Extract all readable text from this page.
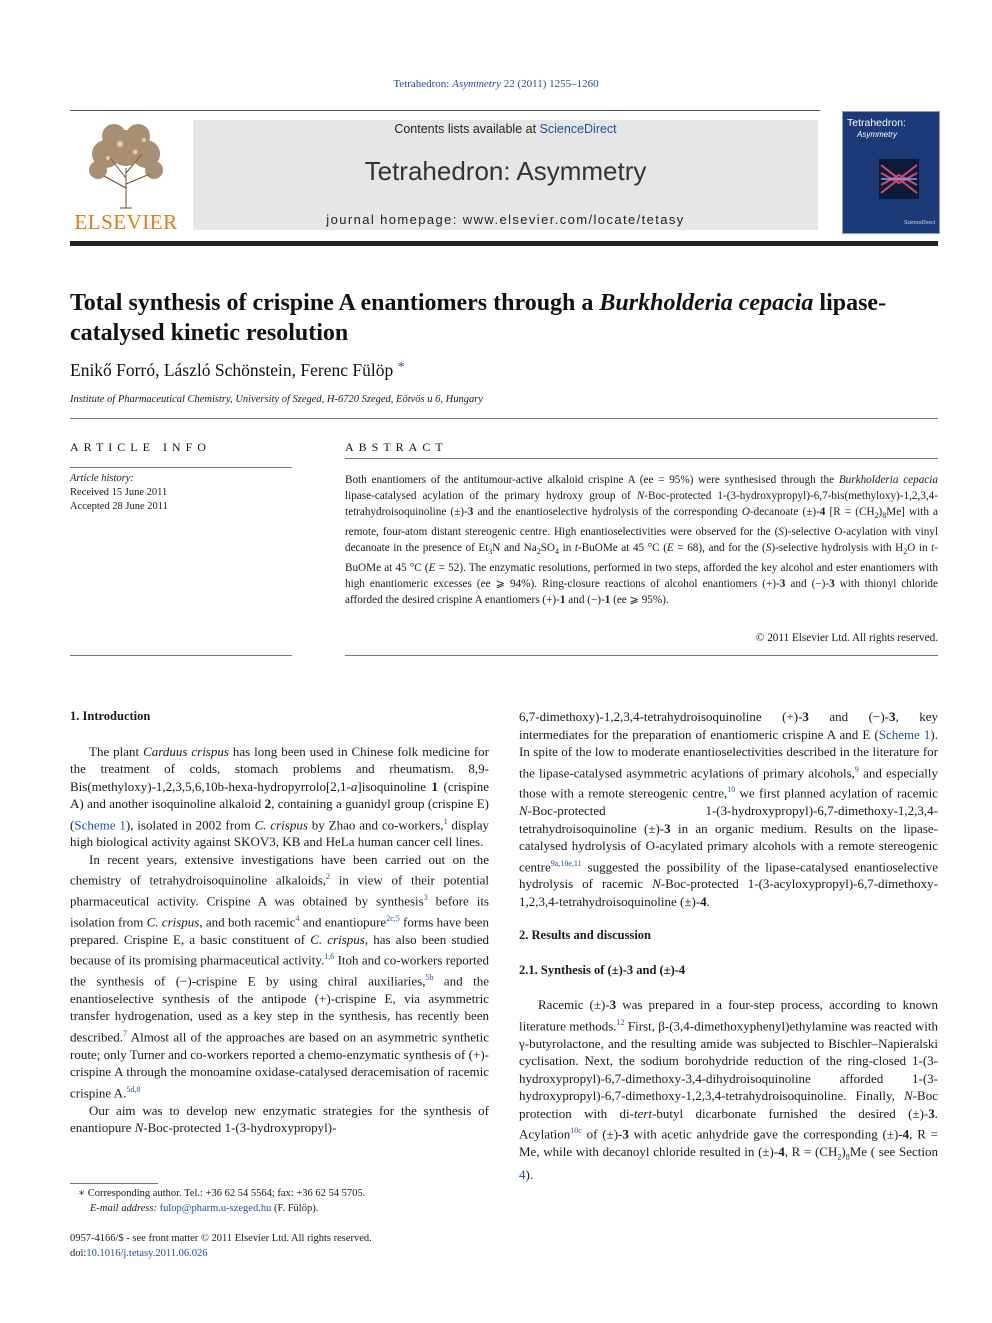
Tetrahedron: Asymmetry 22 (2011) 1255–1260
ELSEVIER
Contents lists available at ScienceDirect
Tetrahedron: Asymmetry
journal homepage: www.elsevier.com/locate/tetasy
Tetrahedron:
Asymmetry
ScienceDirect
Total synthesis of crispine A enantiomers through a Burkholderia cepacia lipase-catalysed kinetic resolution
Enikő Forró, László Schönstein, Ferenc Fülöp *
Institute of Pharmaceutical Chemistry, University of Szeged, H-6720 Szeged, Eötvös u 6, Hungary
ARTICLE INFO	ABSTRACT
Article history:
Received 15 June 2011
Accepted 28 June 2011
Both enantiomers of the antitumour-active alkaloid crispine A (ee = 95%) were synthesised through the Burkholderia cepacia lipase-catalysed acylation of the primary hydroxy group of N-Boc-protected 1-(3-hydroxypropyl)-6,7-bis(methyloxy)-1,2,3,4-tetrahydroisoquinoline (±)-3 and the enantioselective hydrolysis of the corresponding O-decanoate (±)-4 $[R = (CH_2)_8Me]$ with a remote, four-atom distant stereogenic centre. High enantioselectivities were observed for the (S)-selective O-acylation with vinyl decanoate in the presence of $Et_3N$ and $Na_2SO_4$ in t-BuOMe at 45 °C (E = 68), and for the (S)-selective hydrolysis with $H_2O$ in t-BuOMe at 45 °C (E = 52). The enzymatic resolutions, performed in two steps, afforded the key alcohol and ester enantiomers with high enantiomeric excesses (ee ⩾ 94%). Ring-closure reactions of alcohol enantiomers (+)-3 and (−)-3 with thionyl chloride afforded the desired crispine A enantiomers (+)-1 and (−)-1 (ee ⩾ 95%).
© 2011 Elsevier Ltd. All rights reserved.
1. Introduction

The plant Carduus crispus has long been used in Chinese folk medicine for the treatment of colds, stomach problems and rheumatism. 8,9-Bis(methyloxy)-1,2,3,5,6,10b-hexa-hydropyrrolo[2,1-a]isoquinoline 1 (crispine A) and another isoquinoline alkaloid 2, containing a guanidyl group (crispine E) (Scheme 1), isolated in 2002 from C. crispus by Zhao and co-workers,$^1$ display high biological activity against SKOV3, KB and HeLa human cancer cell lines.

In recent years, extensive investigations have been carried out on the chemistry of tetrahydroisoquinoline alkaloids,$^2$ in view of their potential pharmaceutical activity. Crispine A was obtained by synthesis$^3$ before its isolation from C. crispus, and both racemic$^4$ and enantiopure$^{2c,5}$ forms have been prepared. Crispine E, a basic constituent of C. crispus, has also been studied because of its promising pharmaceutical activity.$^{1,6}$ Itoh and co-workers reported the synthesis of (−)-crispine E by using chiral auxiliaries,$^{5b}$ and the enantioselective synthesis of the antipode (+)-crispine E, via asymmetric transfer hydrogenation, used as a key step in the synthesis, has recently been described.$^7$ Almost all of the approaches are based on an asymmetric synthetic route; only Turner and co-workers reported a chemo-enzymatic synthesis of (+)-crispine A through the monoamine oxidase-catalysed deracemisation of racemic crispine A.$^{5d,8}$

Our aim was to develop new enzymatic strategies for the synthesis of enantiopure N-Boc-protected 1-(3-hydroxypropyl)-

6,7-dimethoxy)-1,2,3,4-tetrahydroisoquinoline (+)-3 and (−)-3, key intermediates for the preparation of enantiomeric crispine A and E (Scheme 1). In spite of the low to moderate enantioselectivities described in the literature for the lipase-catalysed asymmetric acylations of primary alcohols,$^9$ and especially those with a remote stereogenic centre,$^{10}$ we first planned acylation of racemic N-Boc-protected 1-(3-hydroxypropyl)-6,7-dimethoxy-1,2,3,4-tetrahydroisoquinoline (±)-3 in an organic medium. Results on the lipase-catalysed hydrolysis of O-acylated primary alcohols with a remote stereogenic centre$^{9a,10e,11}$ suggested the possibility of the lipase-catalysed enantioselective hydrolysis of racemic N-Boc-protected 1-(3-acyloxypropyl)-6,7-dimethoxy-1,2,3,4-tetrahydroisoquinoline (±)-4.

2. Results and discussion
2.1. Synthesis of (±)-3 and (±)-4

Racemic (±)-3 was prepared in a four-step process, according to known literature methods.$^{12}$ First, β-(3,4-dimethoxyphenyl)ethylamine was reacted with γ-butyrolactone, and the resulting amide was subjected to Bischler–Napieralski cyclisation. Next, the sodium borohydride reduction of the ring-closed 1-(3-hydroxypropyl)-6,7-dimethoxy-3,4-dihydroisoquinoline afforded 1-(3-hydroxypropyl)-6,7-dimethoxy-1,2,3,4-tetrahydroisoquinoline. Finally, N-Boc protection with di-tert-butyl dicarbonate furnished the desired (±)-3. Acylation$^{10c}$ of (±)-3 with acetic anhydride gave the corresponding (±)-4, R = Me, while with decanoyl chloride resulted in (±)-4, $R = (CH_2)_8Me$ ( see Section 4).

∗ Corresponding author. Tel.: +36 62 54 5564; fax: +36 62 54 5705.
E-mail address: fulop@pharm.u-szeged.hu (F. Fülöp).
0957-4166/$ - see front matter © 2011 Elsevier Ltd. All rights reserved.
doi:10.1016/j.tetasy.2011.06.026
